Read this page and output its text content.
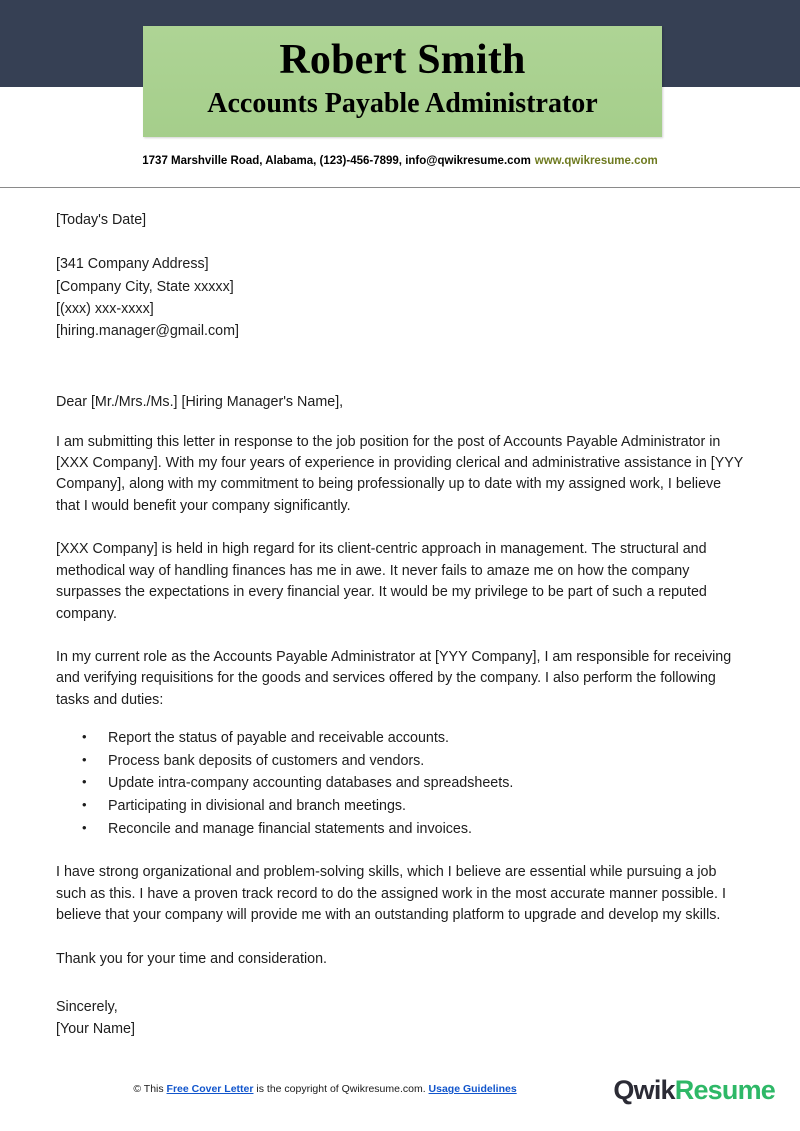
Robert Smith
Accounts Payable Administrator
1737 Marshville Road, Alabama, (123)-456-7899, info@qwikresume.com www.qwikresume.com
[Today's Date]
[341 Company Address]
[Company City, State xxxxx]
[(xxx) xxx-xxxx]
[hiring.manager@gmail.com]
Dear [Mr./Mrs./Ms.] [Hiring Manager's Name],

I am submitting this letter in response to the job position for the post of Accounts Payable Administrator in [XXX Company]. With my four years of experience in providing clerical and administrative assistance in [YYY Company], along with my commitment to being professionally up to date with my assigned work, I believe that I would benefit your company significantly.

[XXX Company] is held in high regard for its client-centric approach in management. The structural and methodical way of handling finances has me in awe. It never fails to amaze me on how the company surpasses the expectations in every financial year. It would be my privilege to be part of such a reputed company.

In my current role as the Accounts Payable Administrator at [YYY Company], I am responsible for receiving and verifying requisitions for the goods and services offered by the company. I also perform the following tasks and duties:

• Report the status of payable and receivable accounts.
• Process bank deposits of customers and vendors.
• Update intra-company accounting databases and spreadsheets.
• Participating in divisional and branch meetings.
• Reconcile and manage financial statements and invoices.

I have strong organizational and problem-solving skills, which I believe are essential while pursuing a job such as this. I have a proven track record to do the assigned work in the most accurate manner possible. I believe that your company will provide me with an outstanding platform to upgrade and develop my skills.

Thank you for your time and consideration.

Sincerely,
[Your Name]
© This Free Cover Letter is the copyright of Qwikresume.com. Usage Guidelines	QwikResume
